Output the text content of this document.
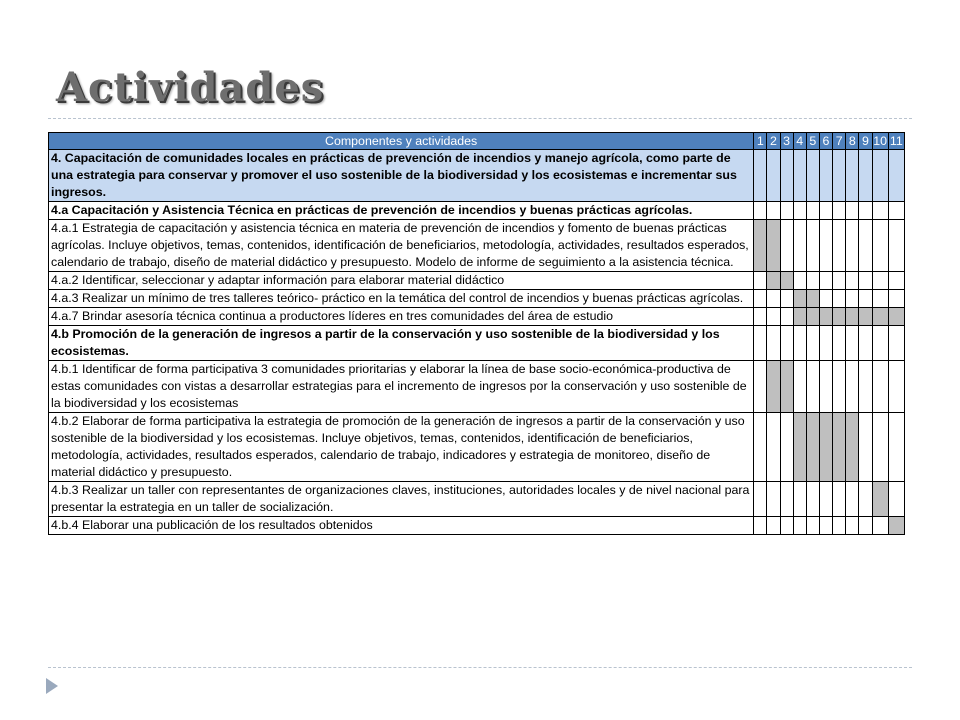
Actividades
Componentes y actividades	1	2	3	4	5	6	7	8	9	10	11
4. Capacitación de comunidades locales en prácticas de prevención de incendios y manejo agrícola, como parte de una estrategia para conservar y promover el uso sostenible de la biodiversidad y los ecosistemas e incrementar sus ingresos.											
4.a Capacitación y Asistencia Técnica en prácticas de prevención de incendios y buenas prácticas agrícolas.											
4.a.1 Estrategia de capacitación y asistencia técnica en materia de prevención de incendios y fomento de buenas prácticas agrícolas. Incluye objetivos, temas, contenidos, identificación de beneficiarios, metodología, actividades, resultados esperados, calendario de trabajo, diseño de material didáctico y presupuesto. Modelo de informe de seguimiento a la asistencia técnica.											
4.a.2 Identificar, seleccionar y adaptar información para elaborar material didáctico											
4.a.3 Realizar un mínimo de tres talleres teórico- práctico en la temática del control de incendios y buenas prácticas agrícolas.											
4.a.7 Brindar asesoría técnica continua a productores líderes en tres comunidades del área de estudio											
4.b Promoción de la generación de ingresos a partir de la conservación y uso sostenible de la biodiversidad y los ecosistemas.											
4.b.1 Identificar de forma participativa 3 comunidades prioritarias y elaborar la línea de base socio-económica-productiva de estas comunidades con vistas a desarrollar estrategias para el incremento de ingresos por la conservación y uso sostenible de la biodiversidad y los ecosistemas											
4.b.2 Elaborar de forma participativa la estrategia de promoción de la generación de ingresos a partir de la conservación y uso sostenible de la biodiversidad y los ecosistemas. Incluye objetivos, temas, contenidos, identificación de beneficiarios, metodología, actividades, resultados esperados, calendario de trabajo, indicadores y estrategia de monitoreo, diseño de material didáctico y presupuesto.											
4.b.3 Realizar un taller con representantes de organizaciones claves, instituciones, autoridades locales y de nivel nacional para presentar la estrategia en un taller de socialización.											
4.b.4 Elaborar una publicación de los resultados obtenidos											
